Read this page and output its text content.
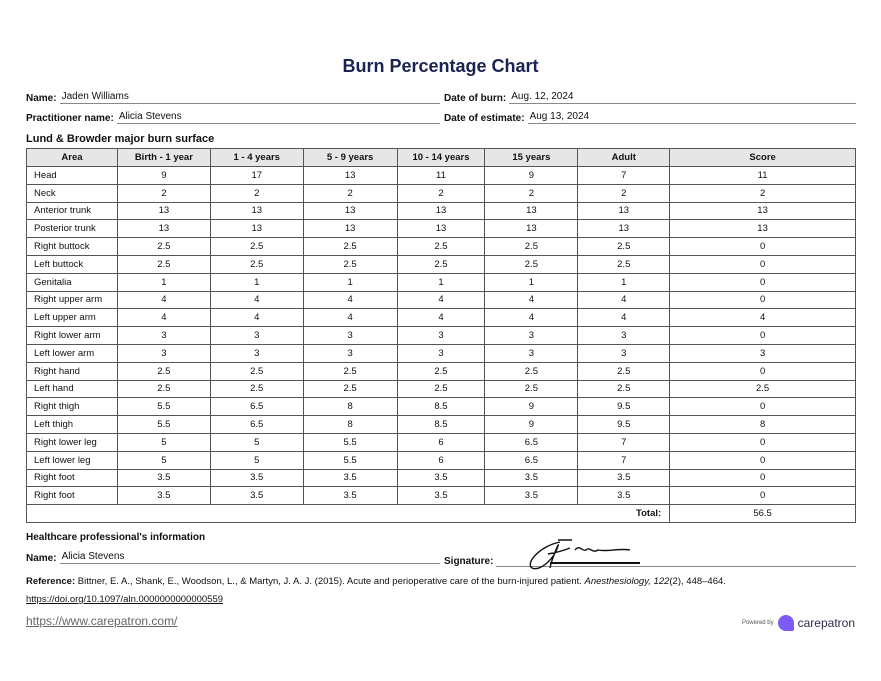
Burn Percentage Chart
Name: Jaden Williams
Practitioner name: Alicia Stevens
Date of burn: Aug. 12, 2024
Date of estimate: Aug 13, 2024
Lund & Browder major burn surface
Area	Birth - 1 year	1 - 4 years	5 - 9 years	10 - 14 years	15 years	Adult	Score
Head	9	17	13	11	9	7	11
Neck	2	2	2	2	2	2	2
Anterior trunk	13	13	13	13	13	13	13
Posterior trunk	13	13	13	13	13	13	13
Right buttock	2.5	2.5	2.5	2.5	2.5	2.5	0
Left buttock	2.5	2.5	2.5	2.5	2.5	2.5	0
Genitalia	1	1	1	1	1	1	0
Right upper arm	4	4	4	4	4	4	0
Left upper arm	4	4	4	4	4	4	4
Right lower arm	3	3	3	3	3	3	0
Left lower arm	3	3	3	3	3	3	3
Right hand	2.5	2.5	2.5	2.5	2.5	2.5	0
Left hand	2.5	2.5	2.5	2.5	2.5	2.5	2.5
Right thigh	5.5	6.5	8	8.5	9	9.5	0
Left thigh	5.5	6.5	8	8.5	9	9.5	8
Right lower leg	5	5	5.5	6	6.5	7	0
Left lower leg	5	5	5.5	6	6.5	7	0
Right foot	3.5	3.5	3.5	3.5	3.5	3.5	0
Right foot	3.5	3.5	3.5	3.5	3.5	3.5	0
Total:							56.5
Healthcare professional's information
Name: Alicia Stevens	Signature:
Reference: Bittner, E. A., Shank, E., Woodson, L., & Martyn, J. A. J. (2015). Acute and perioperative care of the burn-injured patient. Anesthesiology, 122(2), 448–464.
https://doi.org/10.1097/aln.0000000000000559
https://www.carepatron.com/	Powered by carepatron
